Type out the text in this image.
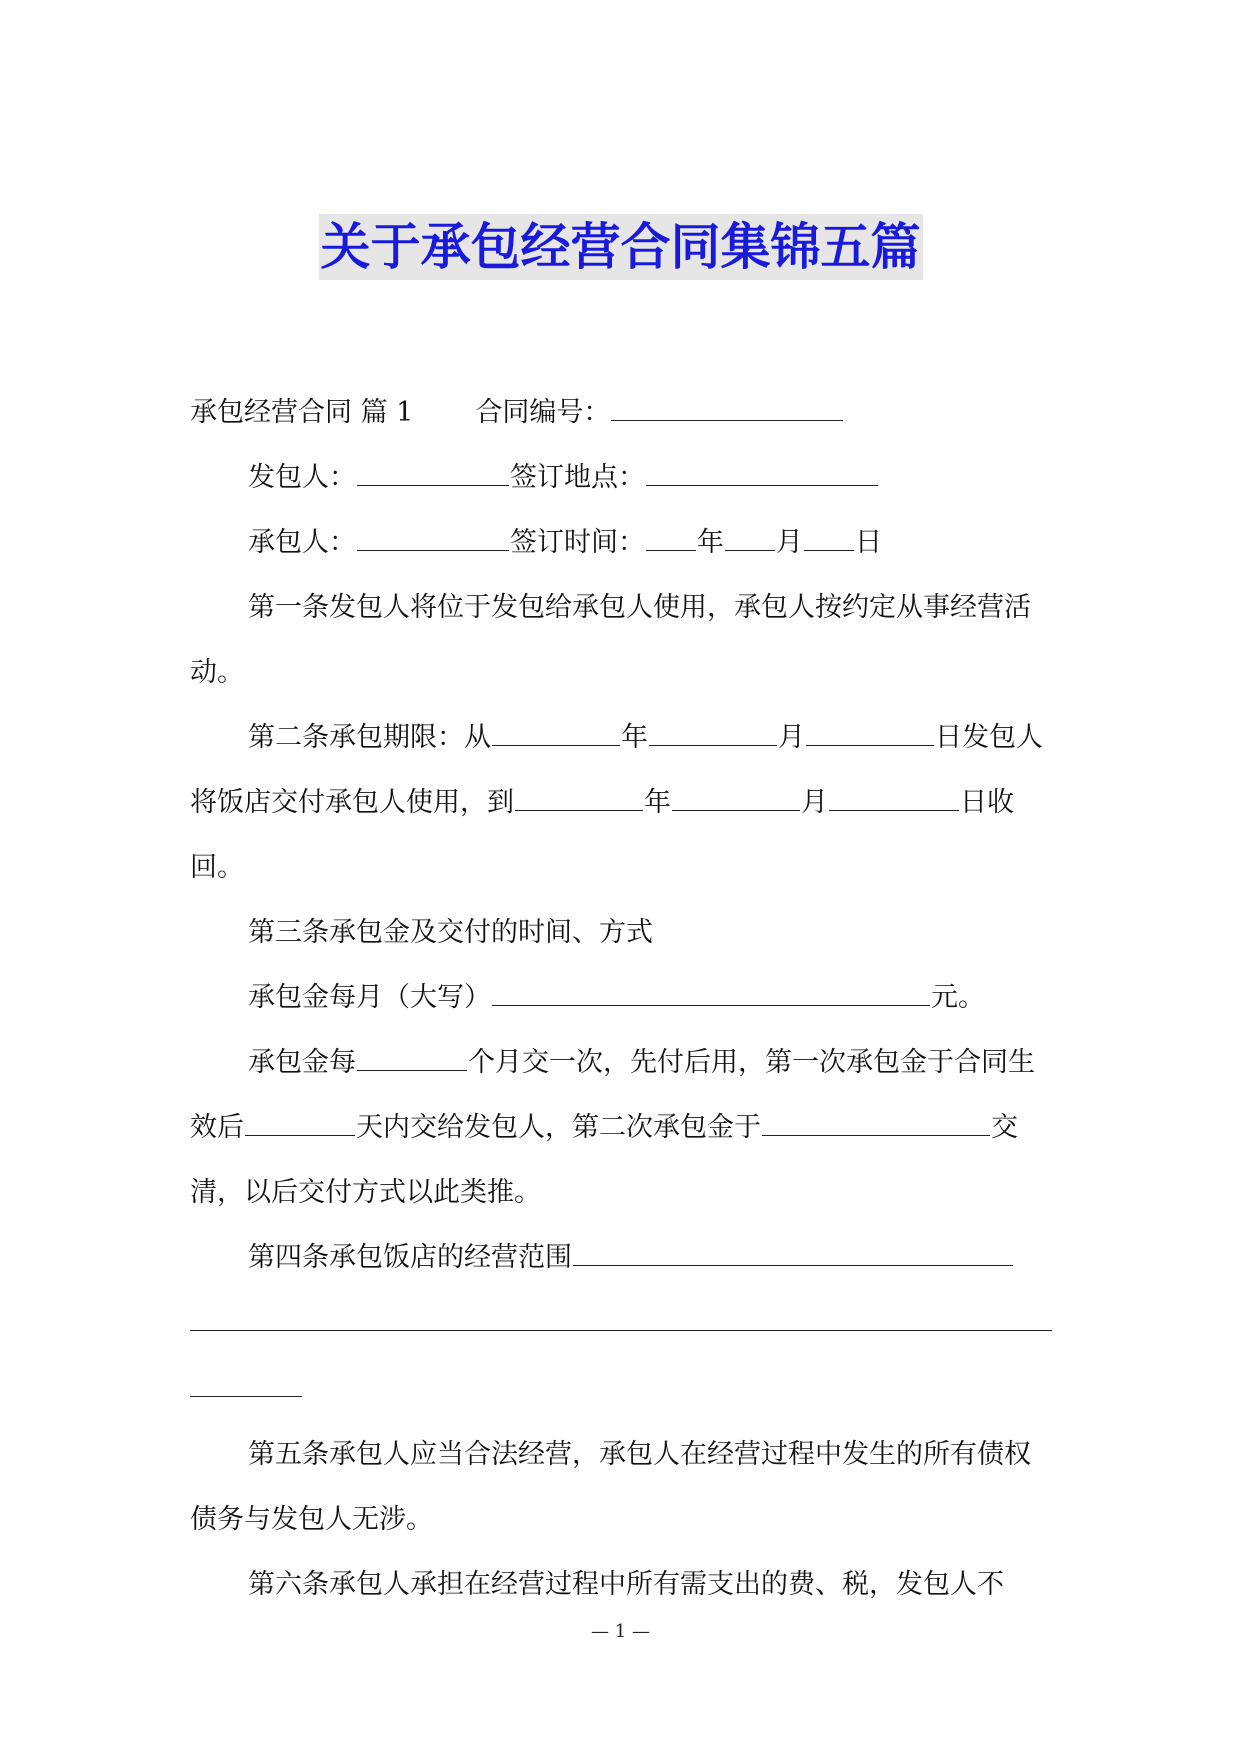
关于承包经营合同集锦五篇
承包经营合同 篇 1 合同编号：
发包人：	签订地点：
承包人：	签订时间： 年 月 日
第一条发包人将位于发包给承包人使用，承包人按约定从事经营活动。
第二条承包期限：从	年	月	日发包人将饭店交付承包人使用，到	年	月	日收回。
第三条承包金及交付的时间、方式
承包金每月（大写）	元。
承包金每	个月交一次，先付后用，第一次承包金于合同生效后	天内交给发包人，第二次承包金于	交清，以后交付方式以此类推。
第四条承包饭店的经营范围
第五条承包人应当合法经营，承包人在经营过程中发生的所有债权债务与发包人无涉。
第六条承包人承担在经营过程中所有需支出的费、税，发包人不
— 1 —
